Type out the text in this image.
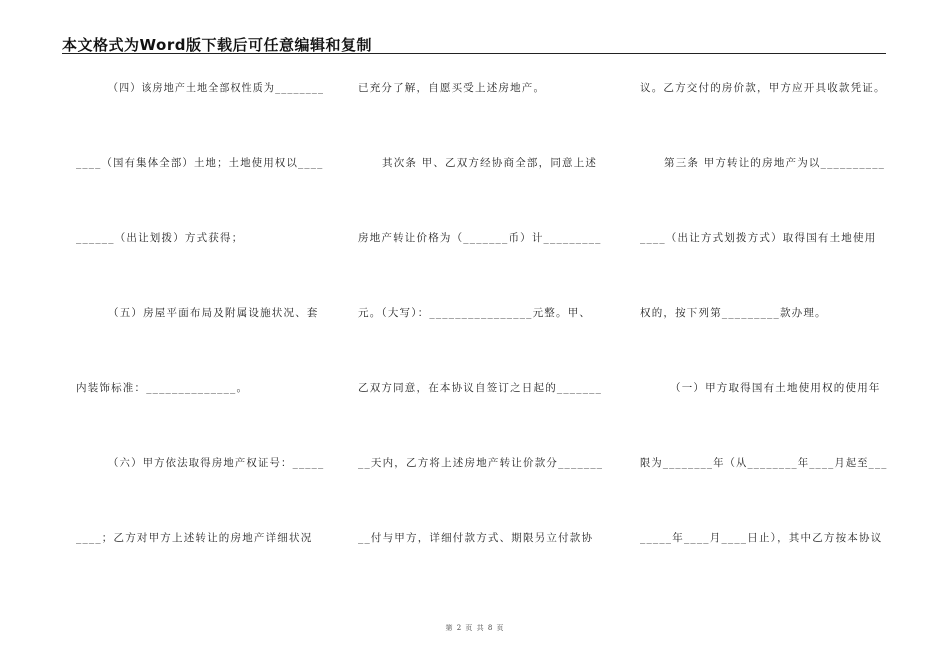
本文格式为Word版下载后可任意编辑和复制
（四）该房地产土地全部权性质为________
____（国有集体全部）土地；土地使用权以____
______（出让划拨）方式获得；
（五）房屋平面布局及附属设施状况、套
内装饰标准：______________。
（六）甲方依法取得房地产权证号：_____
____；乙方对甲方上述转让的房地产详细状况
已充分了解，自愿买受上述房地产。
其次条 甲、乙双方经协商全部，同意上述
房地产转让价格为（_______币）计_________
元。（大写）：________________元整。甲、
乙双方同意，在本协议自签订之日起的_______
__天内，乙方将上述房地产转让价款分_______
__付与甲方，详细付款方式、期限另立付款协
议。乙方交付的房价款，甲方应开具收款凭证。
第三条 甲方转让的房地产为以__________
____（出让方式划拨方式）取得国有土地使用
权的，按下列第_________款办理。
（一）甲方取得国有土地使用权的使用年
限为________年（从________年____月起至___
_____年____月____日止），其中乙方按本协议
第 2 页 共 8 页
